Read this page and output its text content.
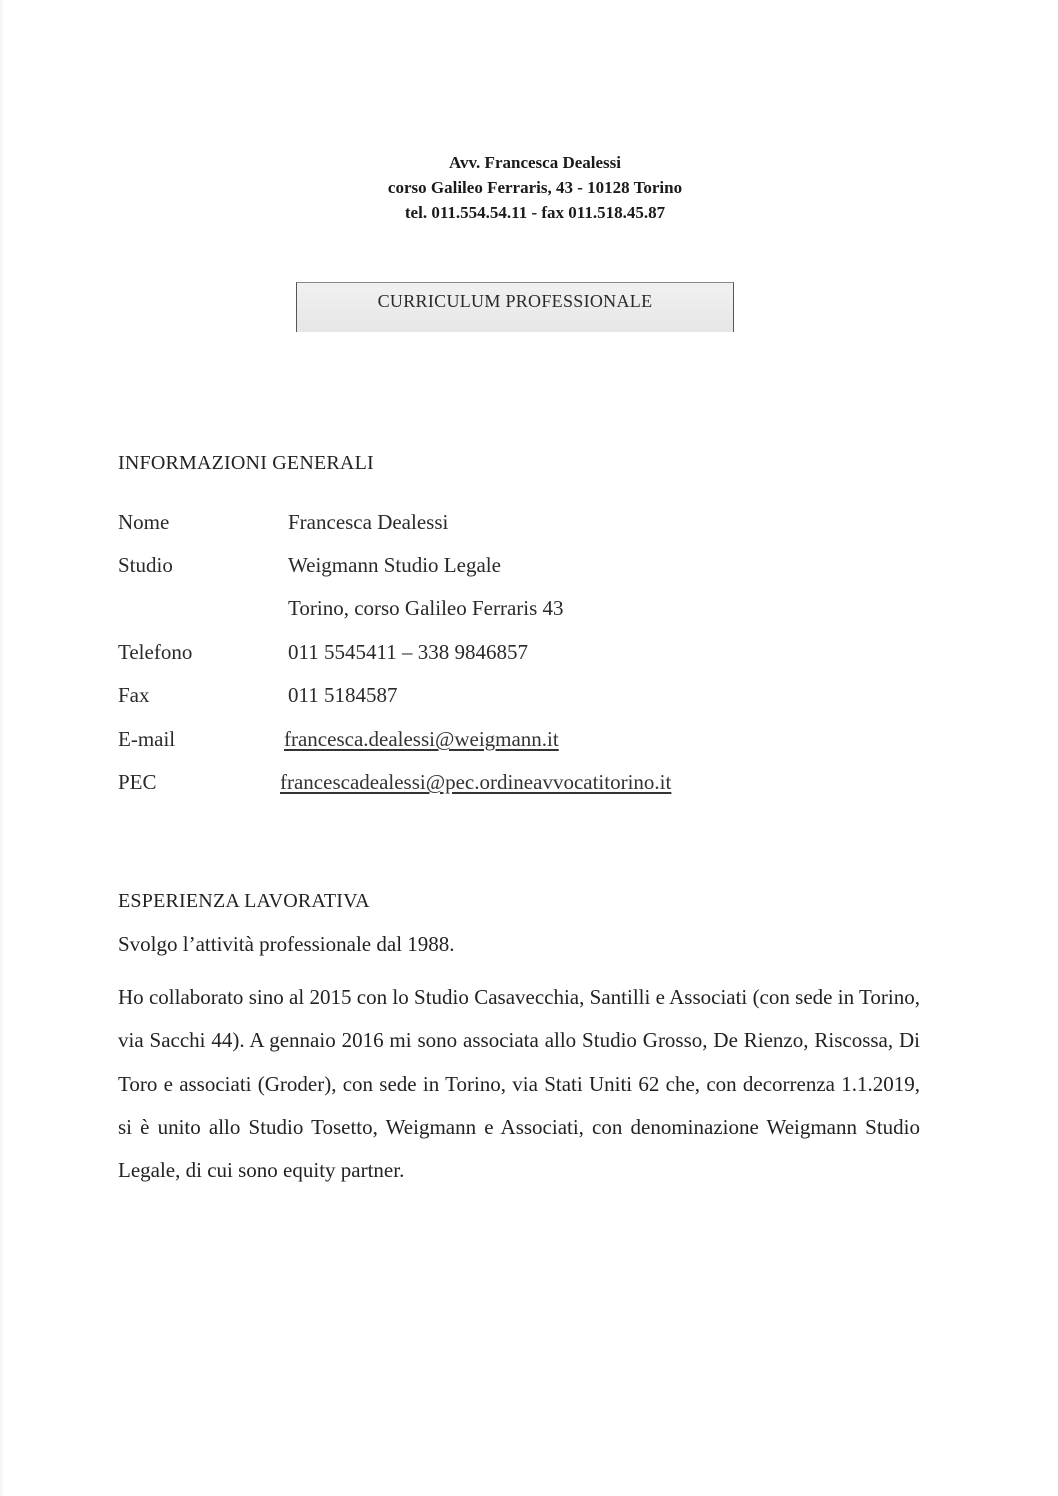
Avv. Francesca Dealessi
corso Galileo Ferraris, 43 - 10128 Torino
tel. 011.554.54.11 - fax 011.518.45.87
CURRICULUM PROFESSIONALE
INFORMAZIONI GENERALI
Nome	Francesca Dealessi
Studio	Weigmann Studio Legale
Torino, corso Galileo Ferraris 43
Telefono	011 5545411 – 338 9846857
Fax	011 5184587
E-mail	francesca.dealessi@weigmann.it
PEC	francescadealessi@pec.ordineavvocatitorino.it
ESPERIENZA LAVORATIVA
Svolgo l’attività professionale dal 1988.
Ho collaborato sino al 2015 con lo Studio Casavecchia, Santilli e Associati (con sede in Torino, via Sacchi 44). A gennaio 2016 mi sono associata allo Studio Grosso, De Rienzo, Riscossa, Di Toro e associati (Groder), con sede in Torino, via Stati Uniti 62 che, con decorrenza 1.1.2019, si è unito allo Studio Tosetto, Weigmann e Associati, con denominazione Weigmann Studio Legale, di cui sono equity partner.
